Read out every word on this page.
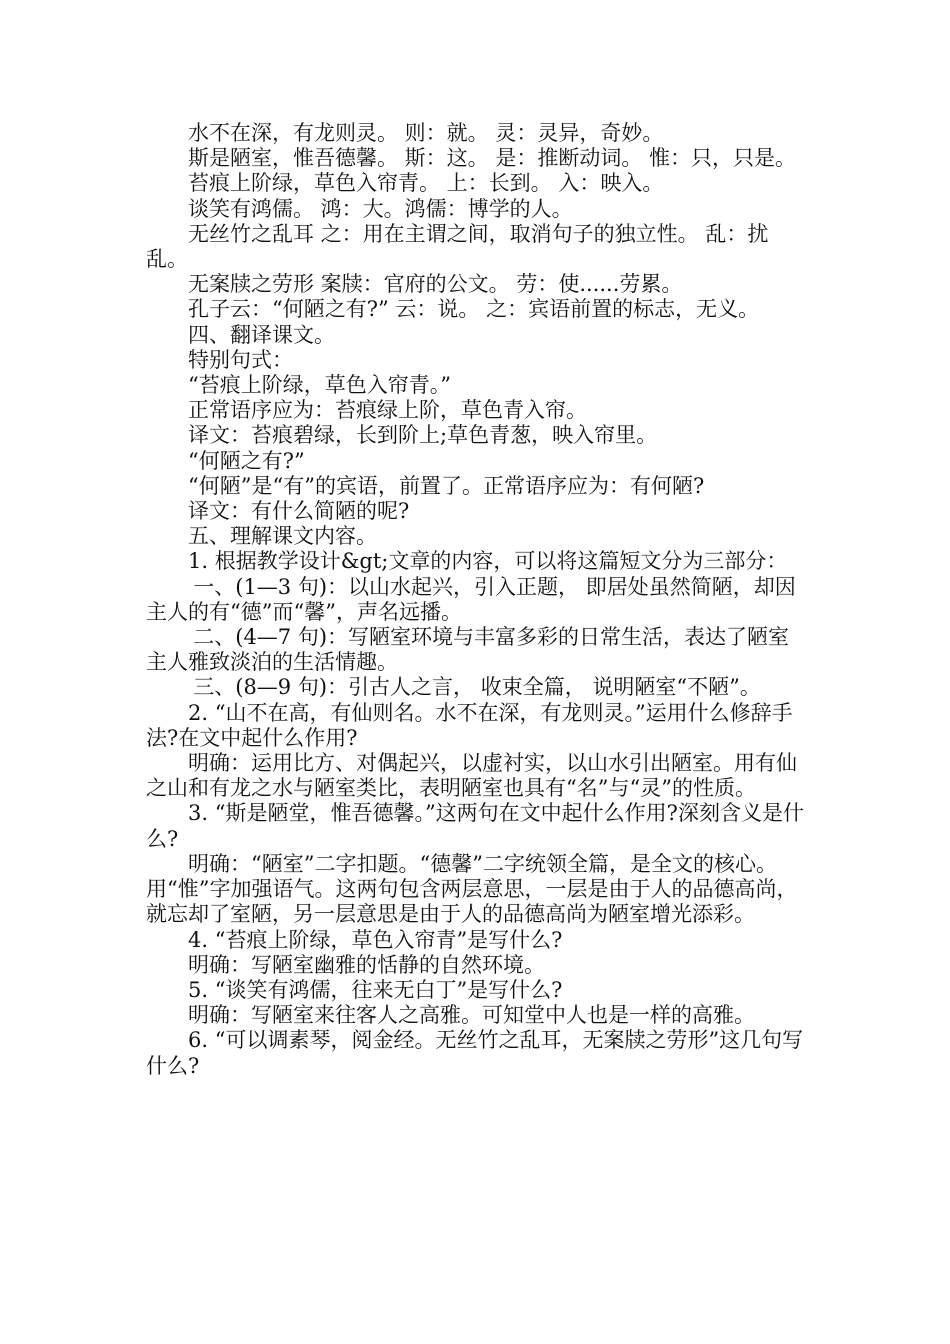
水不在深，有龙则灵。 则：就。 灵：灵异，奇妙。

斯是陋室，惟吾德馨。 斯：这。 是：推断动词。 惟：只，只是。

苔痕上阶绿，草色入帘青。 上：长到。 入：映入。

谈笑有鸿儒。 鸿：大。鸿儒：博学的人。

无丝竹之乱耳 之：用在主谓之间，取消句子的独立性。 乱：扰乱。

无案牍之劳形 案牍：官府的公文。 劳：使......劳累。

孔子云：“何陋之有?” 云：说。 之：宾语前置的标志，无义。

四、翻译课文。

特别句式：

“苔痕上阶绿，草色入帘青。”

正常语序应为：苔痕绿上阶，草色青入帘。

译文：苔痕碧绿，长到阶上;草色青葱，映入帘里。

“何陋之有?”

“何陋”是“有”的宾语，前置了。正常语序应为：有何陋?

译文：有什么简陋的呢?

五、理解课文内容。

1. 根据教学设计&gt;文章的内容，可以将这篇短文分为三部分：

一、(1—3 句)：以山水起兴，引入正题， 即居处虽然简陋，却因主人的有“德”而“馨”，声名远播。

二、(4—7 句)：写陋室环境与丰富多彩的日常生活，表达了陋室主人雅致淡泊的生活情趣。

三、(8—9 句)：引古人之言， 收束全篇， 说明陋室“不陋”。

2. “山不在高，有仙则名。水不在深，有龙则灵。”运用什么修辞手法?在文中起什么作用?

明确：运用比方、对偶起兴，以虚衬实，以山水引出陋室。用有仙之山和有龙之水与陋室类比，表明陋室也具有“名”与“灵”的性质。

3. “斯是陋堂，惟吾德馨。”这两句在文中起什么作用?深刻含义是什么?

明确：“陋室”二字扣题。“德馨”二字统领全篇，是全文的核心。用“惟”字加强语气。这两句包含两层意思，一层是由于人的品德高尚，就忘却了室陋，另一层意思是由于人的品德高尚为陋室增光添彩。

4. “苔痕上阶绿，草色入帘青”是写什么?

明确：写陋室幽雅的恬静的自然环境。

5. “谈笑有鸿儒，往来无白丁”是写什么?

明确：写陋室来往客人之高雅。可知堂中人也是一样的高雅。

6. “可以调素琴，阅金经。无丝竹之乱耳，无案牍之劳形”这几句写什么?
